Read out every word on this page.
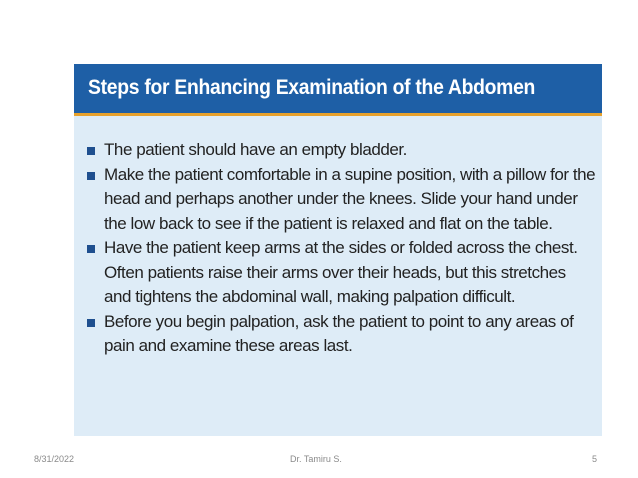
Steps for Enhancing Examination of the Abdomen
The patient should have an empty bladder.
Make the patient comfortable in a supine position, with a pillow for the head and perhaps another under the knees. Slide your hand under the low back to see if the patient is relaxed and flat on the table.
Have the patient keep arms at the sides or folded across the chest. Often patients raise their arms over their heads, but this stretches and tightens the abdominal wall, making palpation difficult.
Before you begin palpation, ask the patient to point to any areas of pain and examine these areas last.
8/31/2022	Dr. Tamiru S.	5
